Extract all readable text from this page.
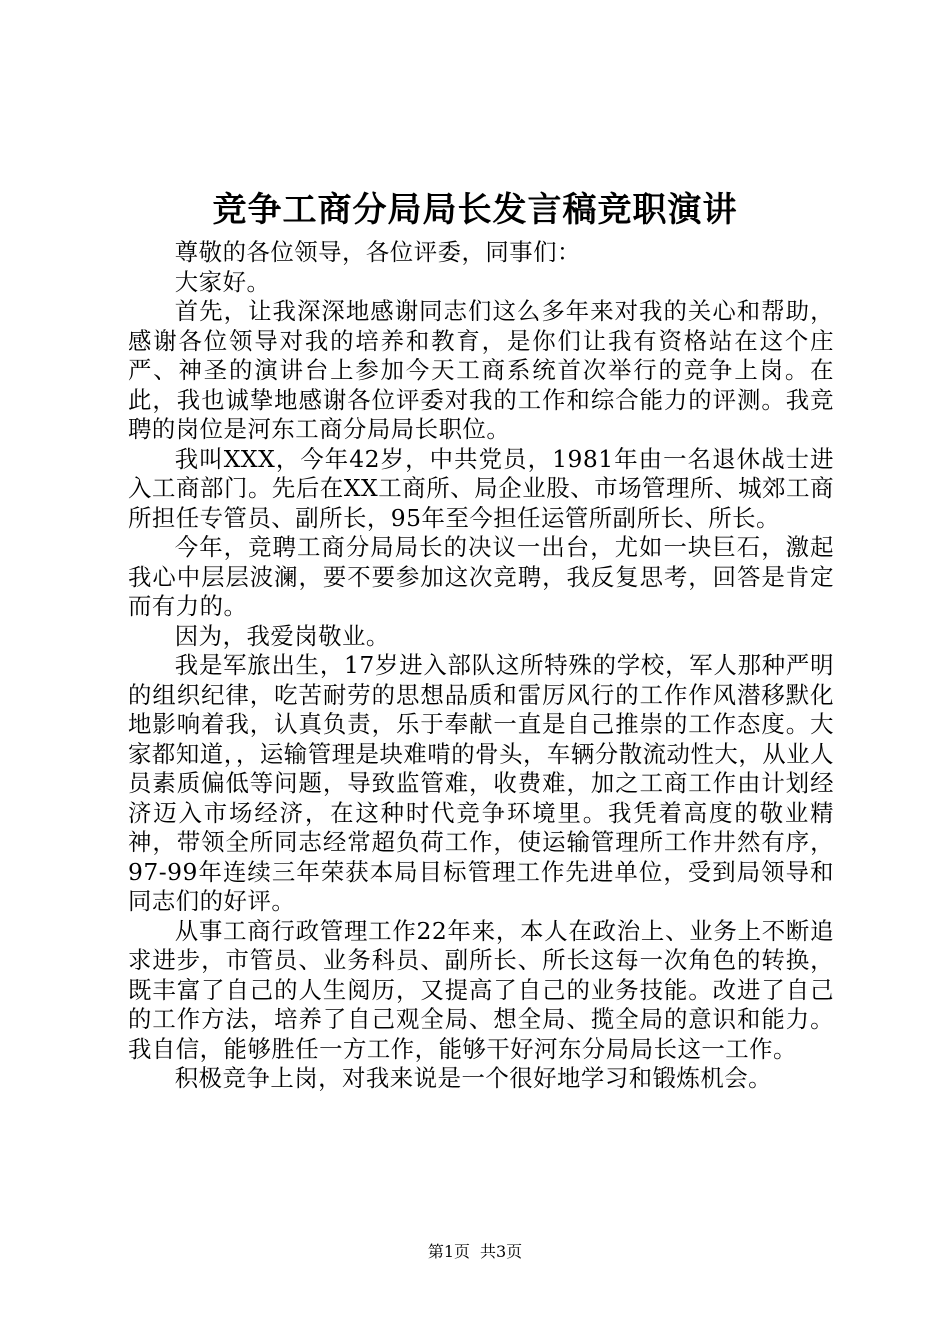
竞争工商分局局长发言稿竞职演讲

尊敬的各位领导，各位评委，同事们：

大家好。

首先，让我深深地感谢同志们这么多年来对我的关心和帮助，感谢各位领导对我的培养和教育，是你们让我有资格站在这个庄严、神圣的演讲台上参加今天工商系统首次举行的竞争上岗。在此，我也诚挚地感谢各位评委对我的工作和综合能力的评测。我竞聘的岗位是河东工商分局局长职位。

我叫XXX，今年42岁，中共党员，1981年由一名退休战士进入工商部门。先后在XX工商所、局企业股、市场管理所、城郊工商所担任专管员、副所长，95年至今担任运管所副所长、所长。

今年，竞聘工商分局局长的决议一出台，尤如一块巨石，激起我心中层层波澜，要不要参加这次竞聘，我反复思考，回答是肯定而有力的。

因为，我爱岗敬业。

我是军旅出生，17岁进入部队这所特殊的学校，军人那种严明的组织纪律，吃苦耐劳的思想品质和雷厉风行的工作作风潜移默化地影响着我，认真负责，乐于奉献一直是自己推崇的工作态度。大家都知道，，运输管理是块难啃的骨头，车辆分散流动性大，从业人员素质偏低等问题，导致监管难，收费难，加之工商工作由计划经济迈入市场经济，在这种时代竞争环境里。我凭着高度的敬业精神，带领全所同志经常超负荷工作，使运输管理所工作井然有序，97-99年连续三年荣获本局目标管理工作先进单位，受到局领导和同志们的好评。

从事工商行政管理工作22年来，本人在政治上、业务上不断追求进步，市管员、业务科员、副所长、所长这每一次角色的转换，既丰富了自己的人生阅历，又提高了自己的业务技能。改进了自己的工作方法，培养了自己观全局、想全局、揽全局的意识和能力。我自信，能够胜任一方工作，能够干好河东分局局长这一工作。

积极竞争上岗，对我来说是一个很好地学习和锻炼机会。

第1页 共3页
